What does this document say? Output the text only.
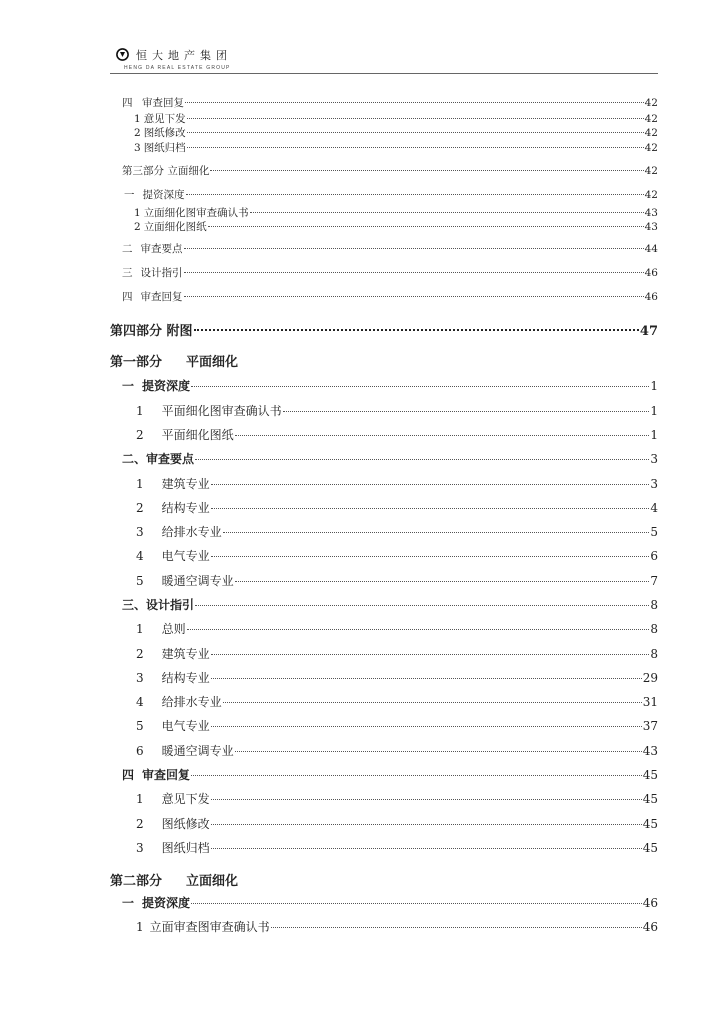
恒大地产集团
HENG DA REAL ESTATE GROUP
四 审查回复	42
1 意见下发	42
2 图纸修改	42
3 图纸归档	42
第三部分 立面细化	42
一 提资深度	42
1 立面细化图审查确认书	43
2 立面细化图纸	43
二 审查要点	44
三 设计指引	46
四 审查回复	46
第四部分 附图	47
第一部分 平面细化
一 提资深度	1
1 平面细化图审查确认书	1
2 平面细化图纸	1
二、 审查要点	3
1 建筑专业	3
2 结构专业	4
3 给排水专业	5
4 电气专业	6
5 暖通空调专业	7
三、 设计指引	8
1 总则	8
2 建筑专业	8
3 结构专业	29
4 给排水专业	31
5 电气专业	37
6 暖通空调专业	43
四 审查回复	45
1 意见下发	45
2 图纸修改	45
3 图纸归档	45
第二部分 立面细化
一 提资深度	46
1 立面审查图审查确认书	46
